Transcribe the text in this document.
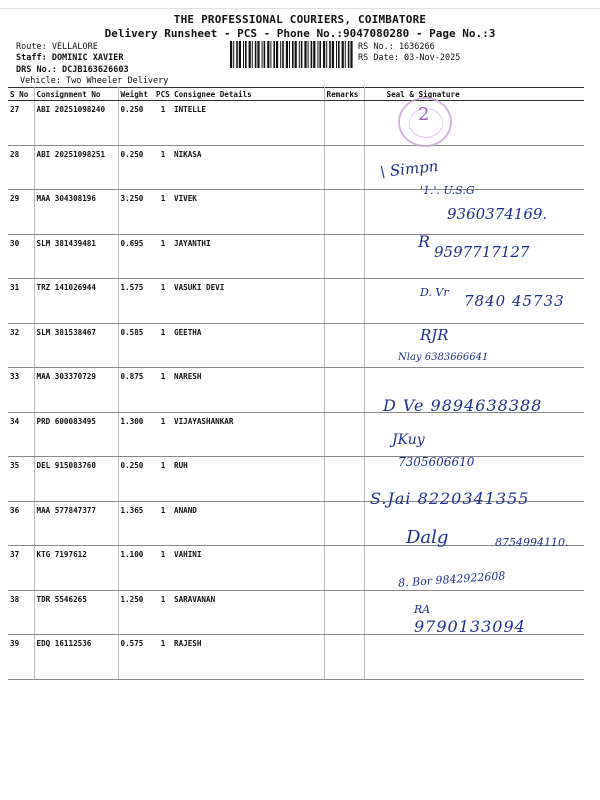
THE PROFESSIONAL COURIERS, COIMBATORE
Delivery Runsheet - PCS - Phone No.:9047080280 - Page No.:3
Route: VELLALORE
Staff: DOMINIC XAVIER
DRS No.: DCJB163626603
Vehicle: Two Wheeler Delivery
RS No.: 1636266
RS Date: 03-Nov-2025
S No	Consignment No	Weight	PCS	Consignee Details	Remarks	Seal & Signature
27	ABI 20251098240	0.250	1	INTELLE		
28	ABI 20251098251	0.250	1	NIKASA		
29	MAA 304308196	3.250	1	VIVEK		
30	SLM 381439481	0.695	1	JAYANTHI		
31	TRZ 141026944	1.575	1	VASUKI DEVI		
32	SLM 381538467	0.585	1	GEETHA		
33	MAA 303370729	0.875	1	NARESH		
34	PRD 600083495	1.300	1	VIJAYASHANKAR		
35	DEL 915083760	0.250	1	RUH		
36	MAA 577847377	1.365	1	ANAND		
37	KTG 7197612	1.100	1	VAHINI		
38	TDR 5546265	1.250	1	SARAVANAN		
39	EDQ 16112536	0.575	1	RAJESH		
2
\ Simpn
'1.'. U.S.G
9360374169.
R
9597717127
D. Vr 7840 45733
RJR
Nlay 6383666641
D Ve 9894638388
JKuy
7305606610
S.Jai 8220341355
Dalg	8754994110.
8. Bor 9842922608
RA
9790133094
